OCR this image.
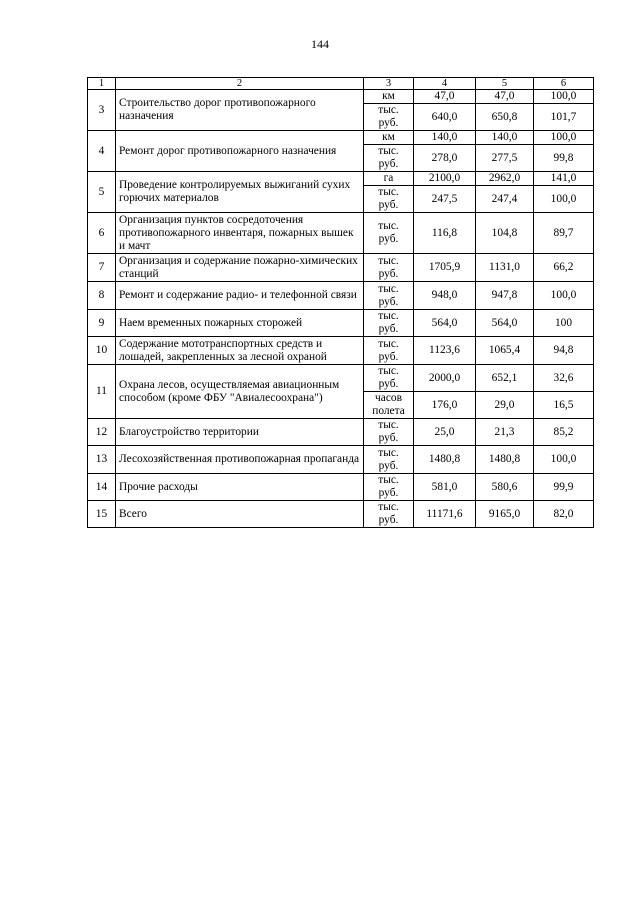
144
1	2	3	4	5	6
3	Строительство дорог противопожарного назначения	км	47,0	47,0	100,0
		тыс. руб.	640,0	650,8	101,7
4	Ремонт дорог противопожарного назначения	км	140,0	140,0	100,0
		тыс. руб.	278,0	277,5	99,8
5	Проведение контролируемых выжиганий сухих горючих материалов	га	2100,0	2962,0	141,0
		тыс. руб.	247,5	247,4	100,0
6	Организация пунктов сосредоточения противопожарного инвентаря, пожарных вышек и мачт	тыс. руб.	116,8	104,8	89,7
7	Организация и содержание пожарно-химических станций	тыс. руб.	1705,9	1131,0	66,2
8	Ремонт и содержание радио- и телефонной связи	тыс. руб.	948,0	947,8	100,0
9	Наем временных пожарных сторожей	тыс. руб.	564,0	564,0	100
10	Содержание мототранспортных средств и лошадей, закрепленных за лесной охраной	тыс. руб.	1123,6	1065,4	94,8
11	Охрана лесов, осуществляемая авиационным способом (кроме ФБУ "Авиалесоохрана")	тыс. руб.	2000,0	652,1	32,6
		часов полета	176,0	29,0	16,5
12	Благоустройство территории	тыс. руб.	25,0	21,3	85,2
13	Лесохозяйственная противопожарная пропаганда	тыс. руб.	1480,8	1480,8	100,0
14	Прочие расходы	тыс. руб.	581,0	580,6	99,9
15	Всего	тыс. руб.	11171,6	9165,0	82,0
